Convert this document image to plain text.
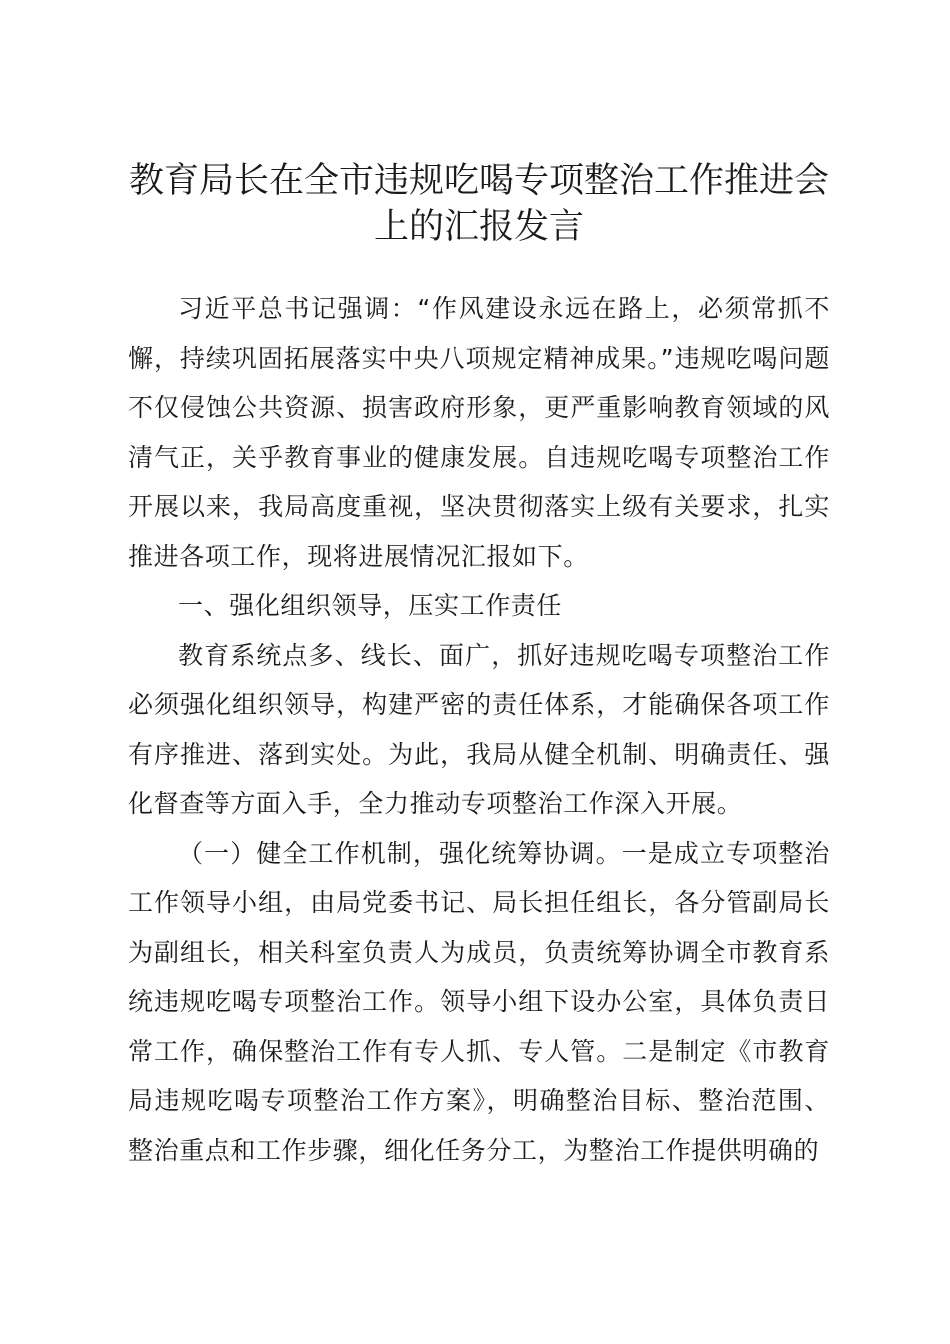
教育局长在全市违规吃喝专项整治工作推进会上的汇报发言

习近平总书记强调：“作风建设永远在路上，必须常抓不懈，持续巩固拓展落实中央八项规定精神成果。”违规吃喝问题不仅侵蚀公共资源、损害政府形象，更严重影响教育领域的风清气正，关乎教育事业的健康发展。自违规吃喝专项整治工作开展以来，我局高度重视，坚决贯彻落实上级有关要求，扎实推进各项工作，现将进展情况汇报如下。

一、强化组织领导，压实工作责任

教育系统点多、线长、面广，抓好违规吃喝专项整治工作必须强化组织领导，构建严密的责任体系，才能确保各项工作有序推进、落到实处。为此，我局从健全机制、明确责任、强化督查等方面入手，全力推动专项整治工作深入开展。

（一）健全工作机制，强化统筹协调。一是成立专项整治工作领导小组，由局党委书记、局长担任组长，各分管副局长为副组长，相关科室负责人为成员，负责统筹协调全市教育系统违规吃喝专项整治工作。领导小组下设办公室，具体负责日常工作，确保整治工作有专人抓、专人管。二是制定《市教育局违规吃喝专项整治工作方案》，明确整治目标、整治范围、整治重点和工作步骤，细化任务分工，为整治工作提供明确的
